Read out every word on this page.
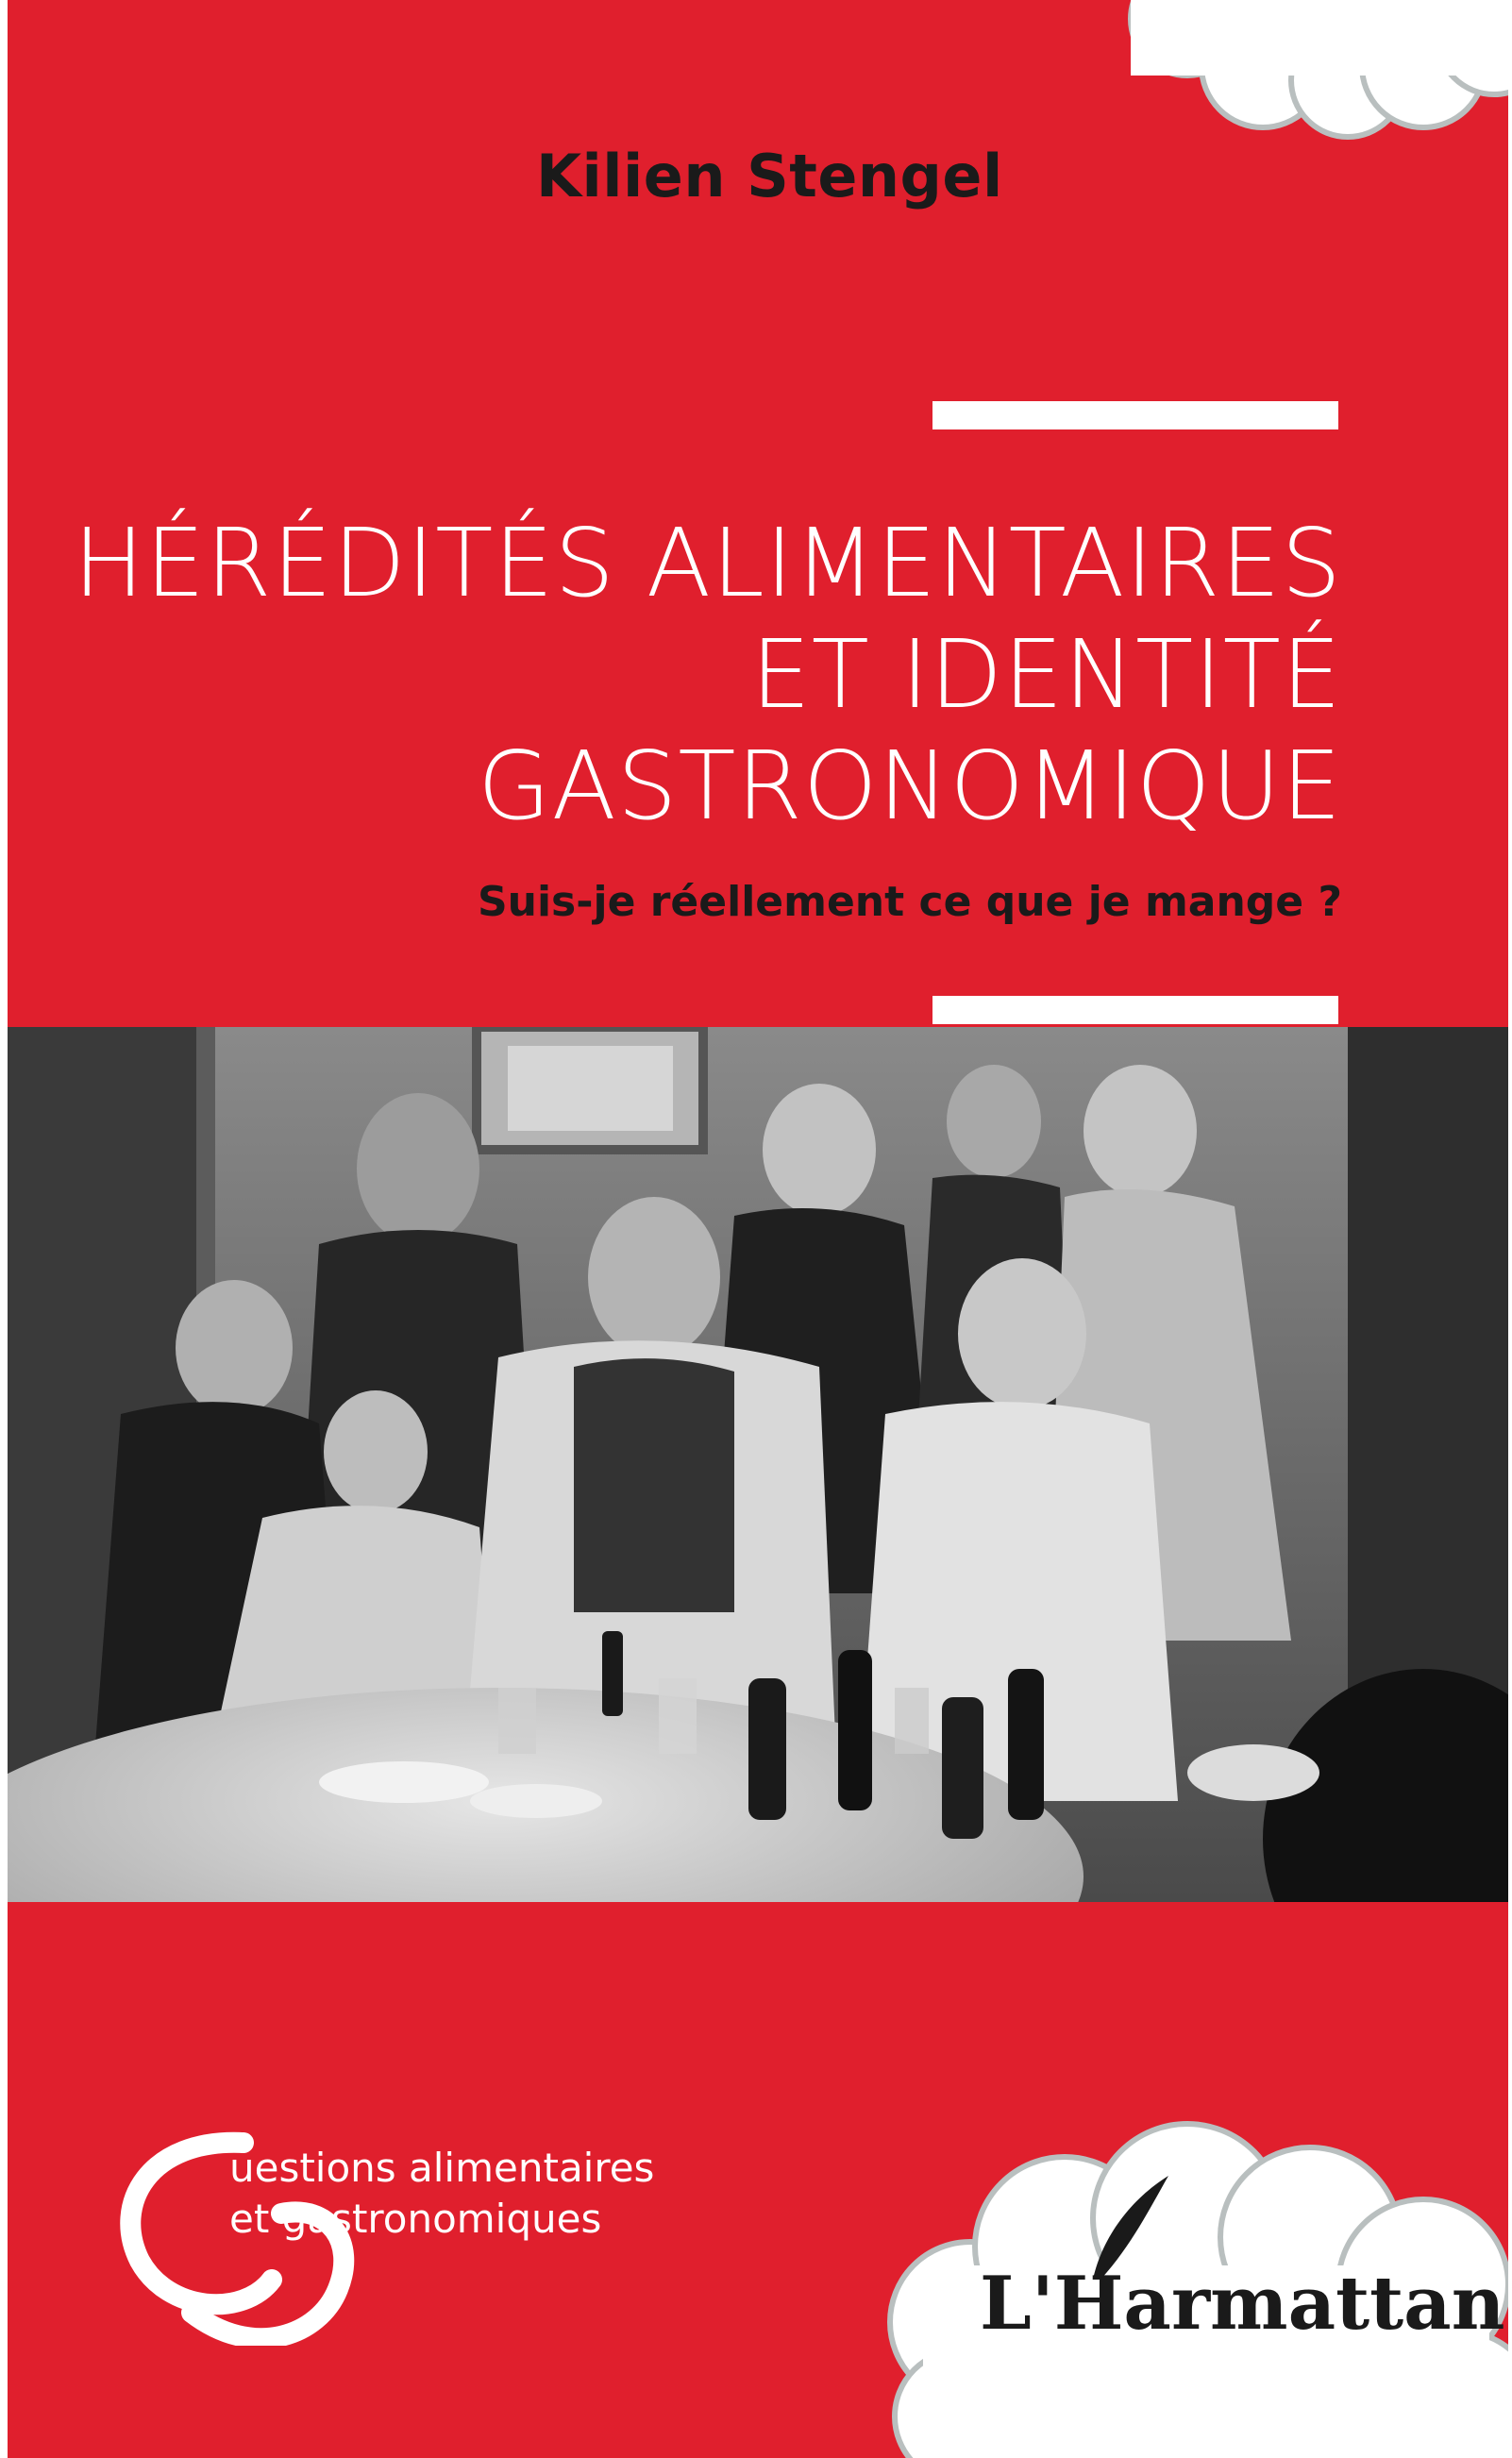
Kilien Stengel
HÉRÉDITÉS ALIMENTAIRES
ET IDENTITÉ
GASTRONOMIQUE
Suis-je réellement ce que je mange ?
uestions alimentaires
et gastronomiques
L'Harmattan
